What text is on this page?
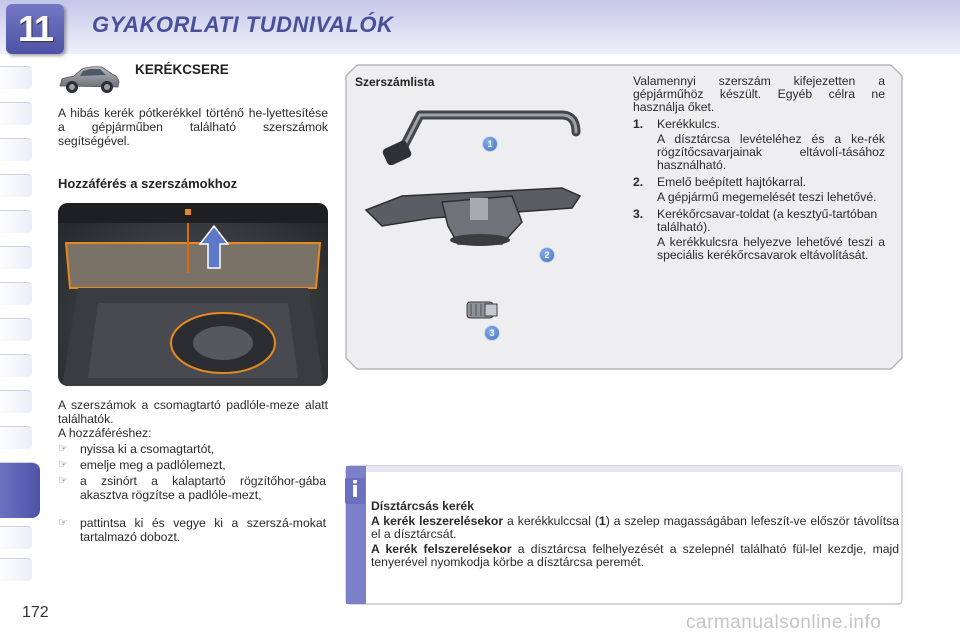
11	GYAKORLATI TUDNIVALÓK
KERÉKCSERE
A hibás kerék pótkerékkel történő he-lyettesítése a gépjárműben található szerszámok segítségével.
Hozzáférés a szerszámokhoz
A szerszámok a csomagtartó padlóle-meze alatt találhatók.
A hozzáféréshez:
☞ nyissa ki a csomagtartót,
☞ emelje meg a padlólemezt,
☞ a zsinórt a kalaptartó rögzítőhor-gába akasztva rögzítse a padlóle-mezt,
☞ pattintsa ki és vegye ki a szerszá-mokat tartalmazó dobozt.
Szerszámlista
1
2
3

Valamennyi szerszám kifejezetten a gépjárműhöz készült. Egyéb célra ne használja őket.

1.	Kerékkulcs.
A dísztárcsa levételéhez és a ke-rék rögzítőcsavarjainak eltávolí-tásához használható.
2.	Emelő beépített hajtókarral.
A gépjármű megemelését teszi lehetővé.
3.	Kerékőrcsavar-toldat (a kesztyű-tartóban található).
A kerékkulcsra helyezve lehetővé teszi a speciális kerékőrcsavarok eltávolítását.
i

Dísztárcsás kerék

A kerék leszerelésekor a kerékkulccsal (1) a szelep magasságában lefeszít-ve először távolítsa el a dísztárcsát.

A kerék felszerelésekor a dísztárcsa felhelyezését a szelepnél található fül-lel kezdje, majd tenyerével nyomkodja körbe a dísztárcsa peremét.

172	carmanualsonline.info
